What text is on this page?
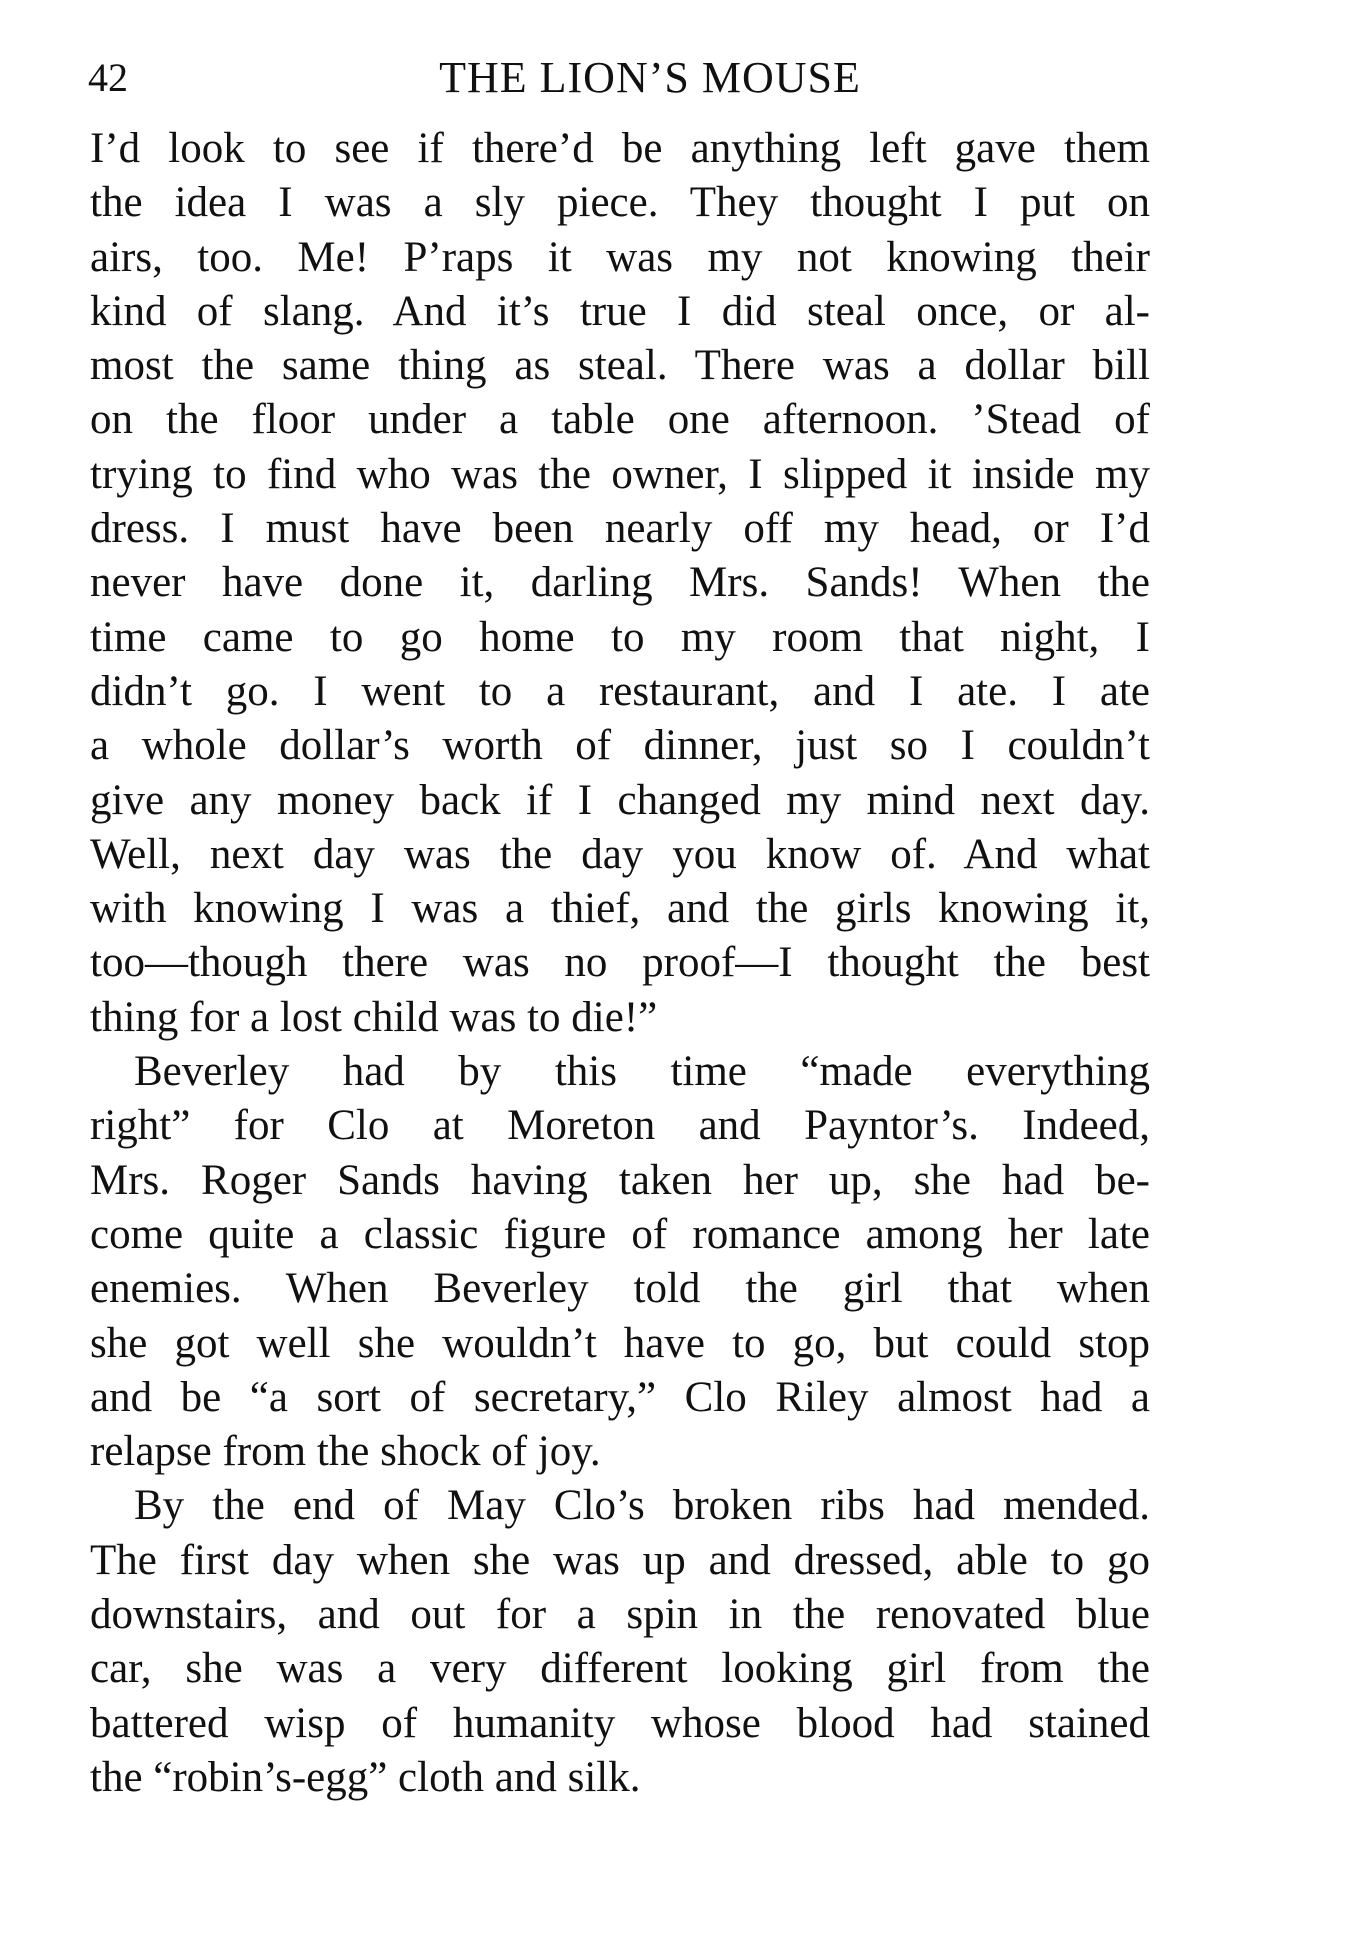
42	THE LION’S MOUSE
I’d look to see if there’d be anything left gave them
the idea I was a sly piece. They thought I put on
airs, too. Me! P’raps it was my not knowing their
kind of slang. And it’s true I did steal once, or al-
most the same thing as steal. There was a dollar bill
on the floor under a table one afternoon. ’Stead of
trying to find who was the owner, I slipped it inside my
dress. I must have been nearly off my head, or I’d
never have done it, darling Mrs. Sands! When the
time came to go home to my room that night, I
didn’t go. I went to a restaurant, and I ate. I ate
a whole dollar’s worth of dinner, just so I couldn’t
give any money back if I changed my mind next day.
Well, next day was the day you know of. And what
with knowing I was a thief, and the girls knowing it,
too—though there was no proof—I thought the best
thing for a lost child was to die!”
Beverley had by this time “made everything
right” for Clo at Moreton and Payntor’s. Indeed,
Mrs. Roger Sands having taken her up, she had be-
come quite a classic figure of romance among her late
enemies. When Beverley told the girl that when
she got well she wouldn’t have to go, but could stop
and be “a sort of secretary,” Clo Riley almost had a
relapse from the shock of joy.
By the end of May Clo’s broken ribs had mended.
The first day when she was up and dressed, able to go
downstairs, and out for a spin in the renovated blue
car, she was a very different looking girl from the
battered wisp of humanity whose blood had stained
the “robin’s-egg” cloth and silk.
